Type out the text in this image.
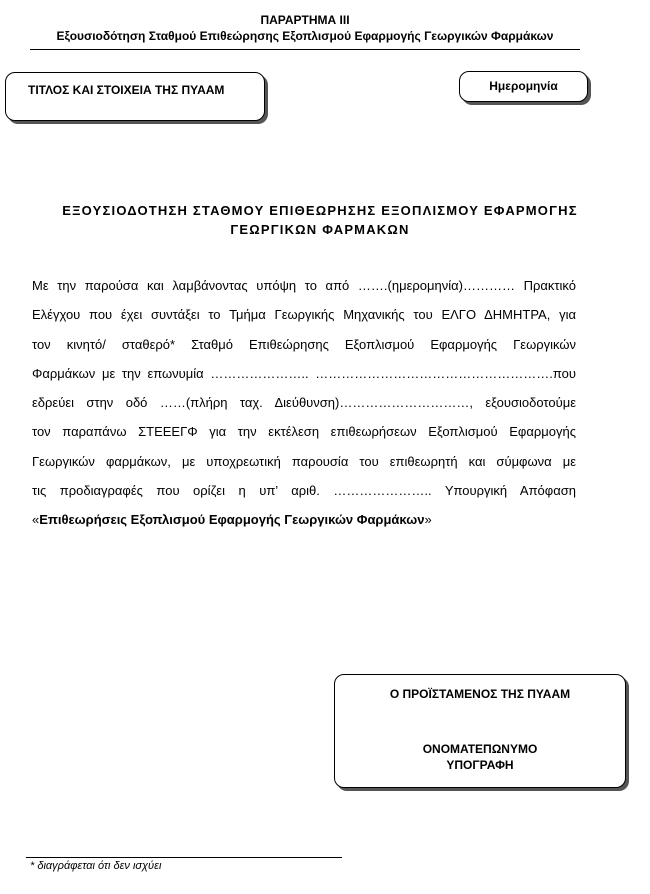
ΠΑΡΑΡΤΗΜΑ III
Εξουσιοδότηση Σταθμού Επιθεώρησης Εξοπλισμού Εφαρμογής Γεωργικών Φαρμάκων
ΤΙΤΛΟΣ ΚΑΙ ΣΤΟΙΧΕΙΑ ΤΗΣ ΠΥΑΑΜ	Ημερομηνία
ΕΞΟΥΣΙΟΔΟΤΗΣΗ ΣΤΑΘΜΟΥ ΕΠΙΘΕΩΡΗΣΗΣ ΕΞΟΠΛΙΣΜΟΥ ΕΦΑΡΜΟΓΗΣ
ΓΕΩΡΓΙΚΩΝ ΦΑΡΜΑΚΩΝ
Με την παρούσα και λαμβάνοντας υπόψη το από …….(ημερομηνία)………… Πρακτικό
Ελέγχου που έχει συντάξει το Τμήμα Γεωργικής Μηχανικής του ΕΛΓΟ ΔΗΜΗΤΡΑ, για
τον κινητό/ σταθερό* Σταθμό Επιθεώρησης Εξοπλισμού Εφαρμογής Γεωργικών
Φαρμάκων με την επωνυμία ………………….. ……………………………………………….που
εδρεύει στην οδό ……(πλήρη ταχ. Διεύθυνση)…………………………, εξουσιοδοτούμε
τον παραπάνω ΣΤΕΕΕΓΦ για την εκτέλεση επιθεωρήσεων Εξοπλισμού Εφαρμογής
Γεωργικών φαρμάκων, με υποχρεωτική παρουσία του επιθεωρητή και σύμφωνα με
τις προδιαγραφές που ορίζει η υπ’ αριθ. ………………….. Υπουργική Απόφαση
«Επιθεωρήσεις Εξοπλισμού Εφαρμογής Γεωργικών Φαρμάκων»
Ο ΠΡΟΪΣΤΑΜΕΝΟΣ ΤΗΣ ΠΥΑΑΜ
ΟΝΟΜΑΤΕΠΩΝΥΜΟ
ΥΠΟΓΡΑΦΗ
* διαγράφεται ότι δεν ισχύει
